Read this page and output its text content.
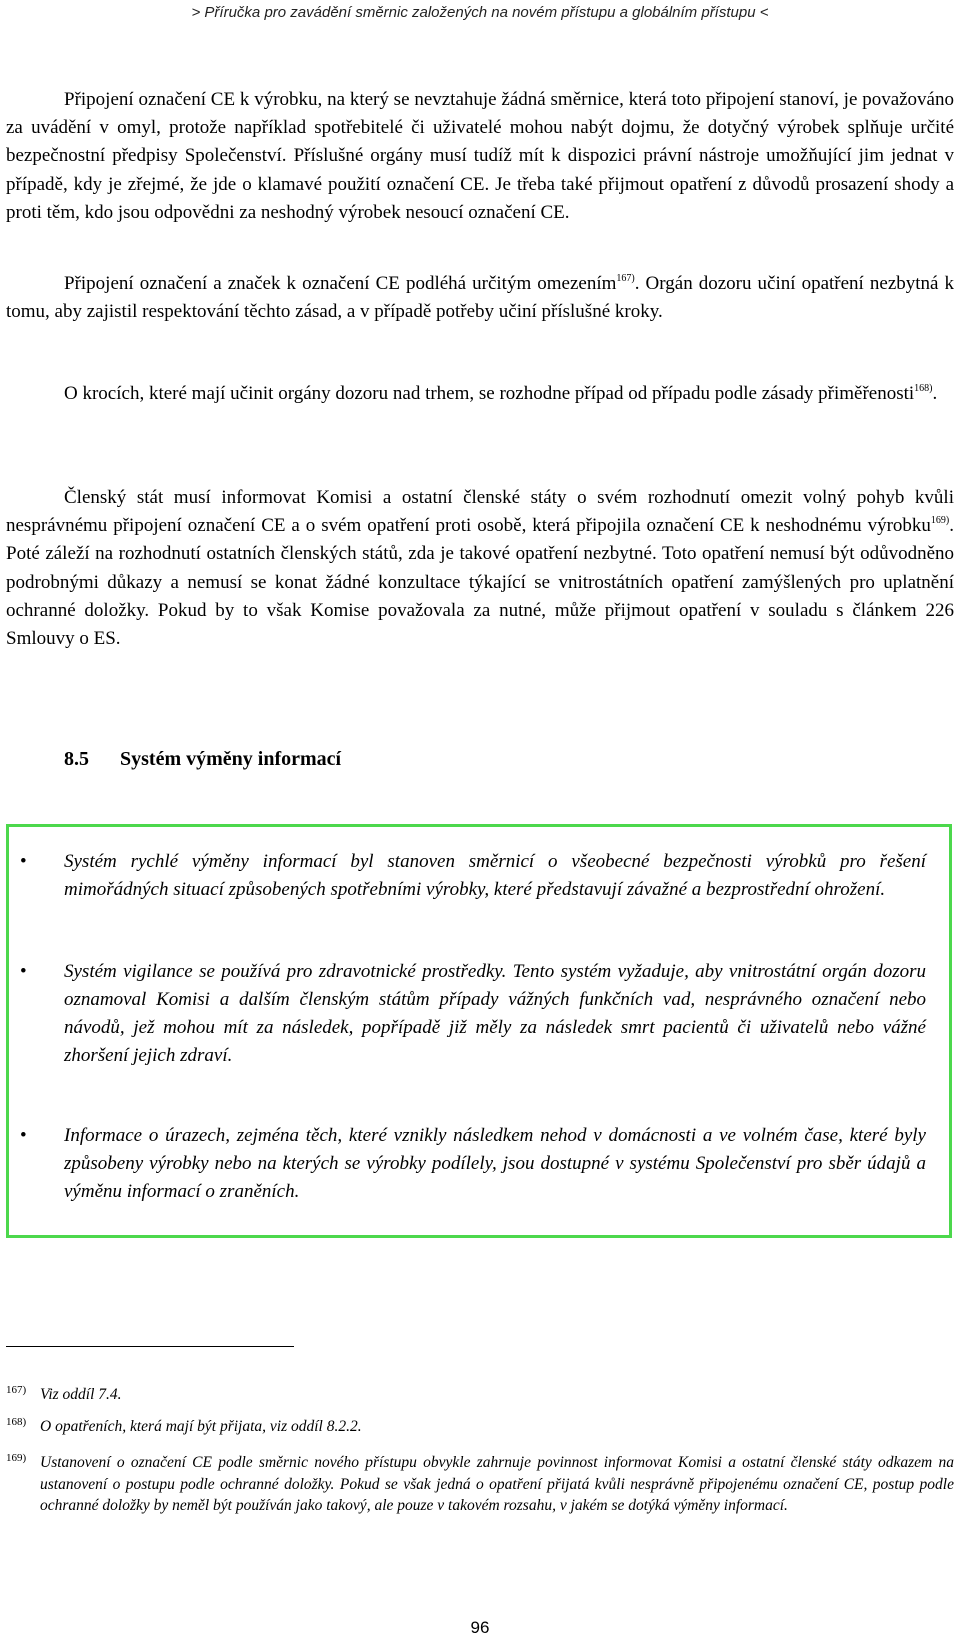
> Příručka pro zavádění směrnic založených na novém přístupu a globálním přístupu <
Připojení označení CE k výrobku, na který se nevztahuje žádná směrnice, která toto připojení stanoví, je považováno za uvádění v omyl, protože například spotřebitelé či uživatelé mohou nabýt dojmu, že dotyčný výrobek splňuje určité bezpečnostní předpisy Společenství. Příslušné orgány musí tudíž mít k dispozici právní nástroje umožňující jim jednat v případě, kdy je zřejmé, že jde o klamavé použití označení CE. Je třeba také přijmout opatření z důvodů prosazení shody a proti těm, kdo jsou odpovědni za neshodný výrobek nesoucí označení CE.
Připojení označení a značek k označení CE podléhá určitým omezením$^{167)}$. Orgán dozoru učiní opatření nezbytná k tomu, aby zajistil respektování těchto zásad, a v případě potřeby učiní příslušné kroky.
O krocích, které mají učinit orgány dozoru nad trhem, se rozhodne případ od případu podle zásady přiměřenosti$^{168)}$.
Členský stát musí informovat Komisi a ostatní členské státy o svém rozhodnutí omezit volný pohyb kvůli nesprávnému připojení označení CE a o svém opatření proti osobě, která připojila označení CE k neshodnému výrobku$^{169)}$. Poté záleží na rozhodnutí ostatních členských států, zda je takové opatření nezbytné. Toto opatření nemusí být odůvodněno podrobnými důkazy a nemusí se konat žádné konzultace týkající se vnitrostátních opatření zamýšlených pro uplatnění ochranné doložky. Pokud by to však Komise považovala za nutné, může přijmout opatření v souladu s článkem 226 Smlouvy o ES.
8.5 Systém výměny informací
• Systém rychlé výměny informací byl stanoven směrnicí o všeobecné bezpečnosti výrobků pro řešení mimořádných situací způsobených spotřebními výrobky, které představují závažné a bezprostřední ohrožení.
• Systém vigilance se používá pro zdravotnické prostředky. Tento systém vyžaduje, aby vnitrostátní orgán dozoru oznamoval Komisi a dalším členským státům případy vážných funkčních vad, nesprávného označení nebo návodů, jež mohou mít za následek, popřípadě již měly za následek smrt pacientů či uživatelů nebo vážné zhoršení jejich zdraví.
• Informace o úrazech, zejména těch, které vznikly následkem nehod v domácnosti a ve volném čase, které byly způsobeny výrobky nebo na kterých se výrobky podílely, jsou dostupné v systému Společenství pro sběr údajů a výměnu informací o zraněních.
167) Viz oddíl 7.4.
168) O opatřeních, která mají být přijata, viz oddíl 8.2.2.
169) Ustanovení o označení CE podle směrnic nového přístupu obvykle zahrnuje povinnost informovat Komisi a ostatní členské státy odkazem na ustanovení o postupu podle ochranné doložky. Pokud se však jedná o opatření přijatá kvůli nesprávně připojenému označení CE, postup podle ochranné doložky by neměl být používán jako takový, ale pouze v takovém rozsahu, v jakém se dotýká výměny informací.
96
